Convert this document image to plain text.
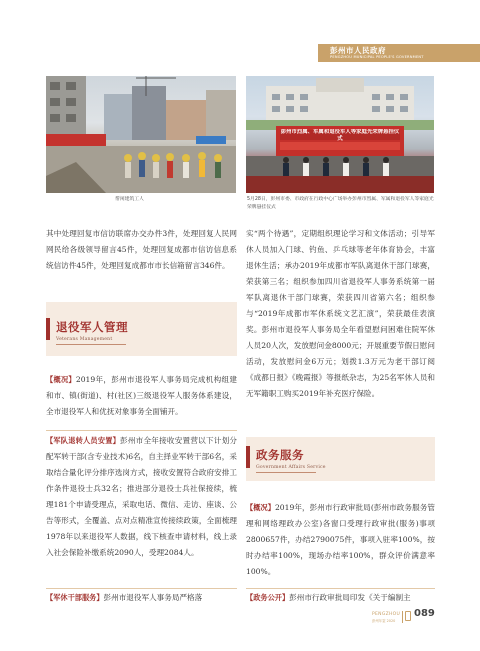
彭州市人民政府
PENGZHOU MUNICIPAL PEOPLE'S GOVERNMENT
帮闲建筑工人
彭州市烈属、军属和退役军人等家庭光荣牌悬挂仪式
5月28日，彭州市委、市政府在行政中心广场举办彭州市烈属、军属和退役军人等家庭光荣牌悬挂仪式
其中处理回复市信访联席办交办件3件，处理回复人民网网民给各级领导留言45件，处理回复成都市信访信息系统信访件45件，处理回复成都市市长信箱留言346件。
退役军人管理
Veterans Management
【概况】2019年，彭州市退役军人事务局完成机构组建和市、镇(街道)、村(社区)三级退役军人服务体系建设，全市退役军人和优抚对象事务全面铺开。
【军队退转人员安置】彭州市全年接收安置营以下计划分配军转干部(含专业技术)6名，自主择业军转干部6名，采取结合量化评分排序选岗方式，接收安置符合政府安排工作条件退役士兵32名；推进部分退役士兵社保接续，梳理181个申请受理点，采取电话、微信、走访、座谈、公告等形式，全覆盖、点对点精准宣传接续政策，全面梳理1978年以来退役军人数据，线下核查申请材料，线上录入社会保险补缴系统2090人，受理2084人。
【军休干部服务】彭州市退役军人事务局严格落
实“两个待遇”，定期组织理论学习和文体活动；引导军休人员加入门球、钓鱼、乒乓球等老年体育协会，丰富退休生活；承办2019年成都市军队离退休干部门球赛，荣获第三名；组织参加四川省退役军人事务系统第一届军队离退休干部门球赛，荣获四川省第六名；组织参与“2019年成都市军休系统文艺汇演”，荣获最佳表演奖。彭州市退役军人事务局全年看望慰问困难住院军休人员20人次，发放慰问金8000元；开展重要节假日慰问活动，发放慰问金6万元；划拨1.3万元为老干部订阅《成都日报》《晚霞报》等报纸杂志，为25名军休人员和无军籍职工购买2019年补充医疗保险。
政务服务
Government Affairs Service
【概况】2019年，彭州市行政审批局(彭州市政务服务管理和网络理政办公室)各窗口受理行政审批(服务)事项2800657件，办结2790075件，事项入驻率100%，按时办结率100%，现场办结率100%，群众评价满意率100%。
【政务公开】彭州市行政审批局印发《关于编制主
PENGZHOU
彭州年鉴 2020
089
